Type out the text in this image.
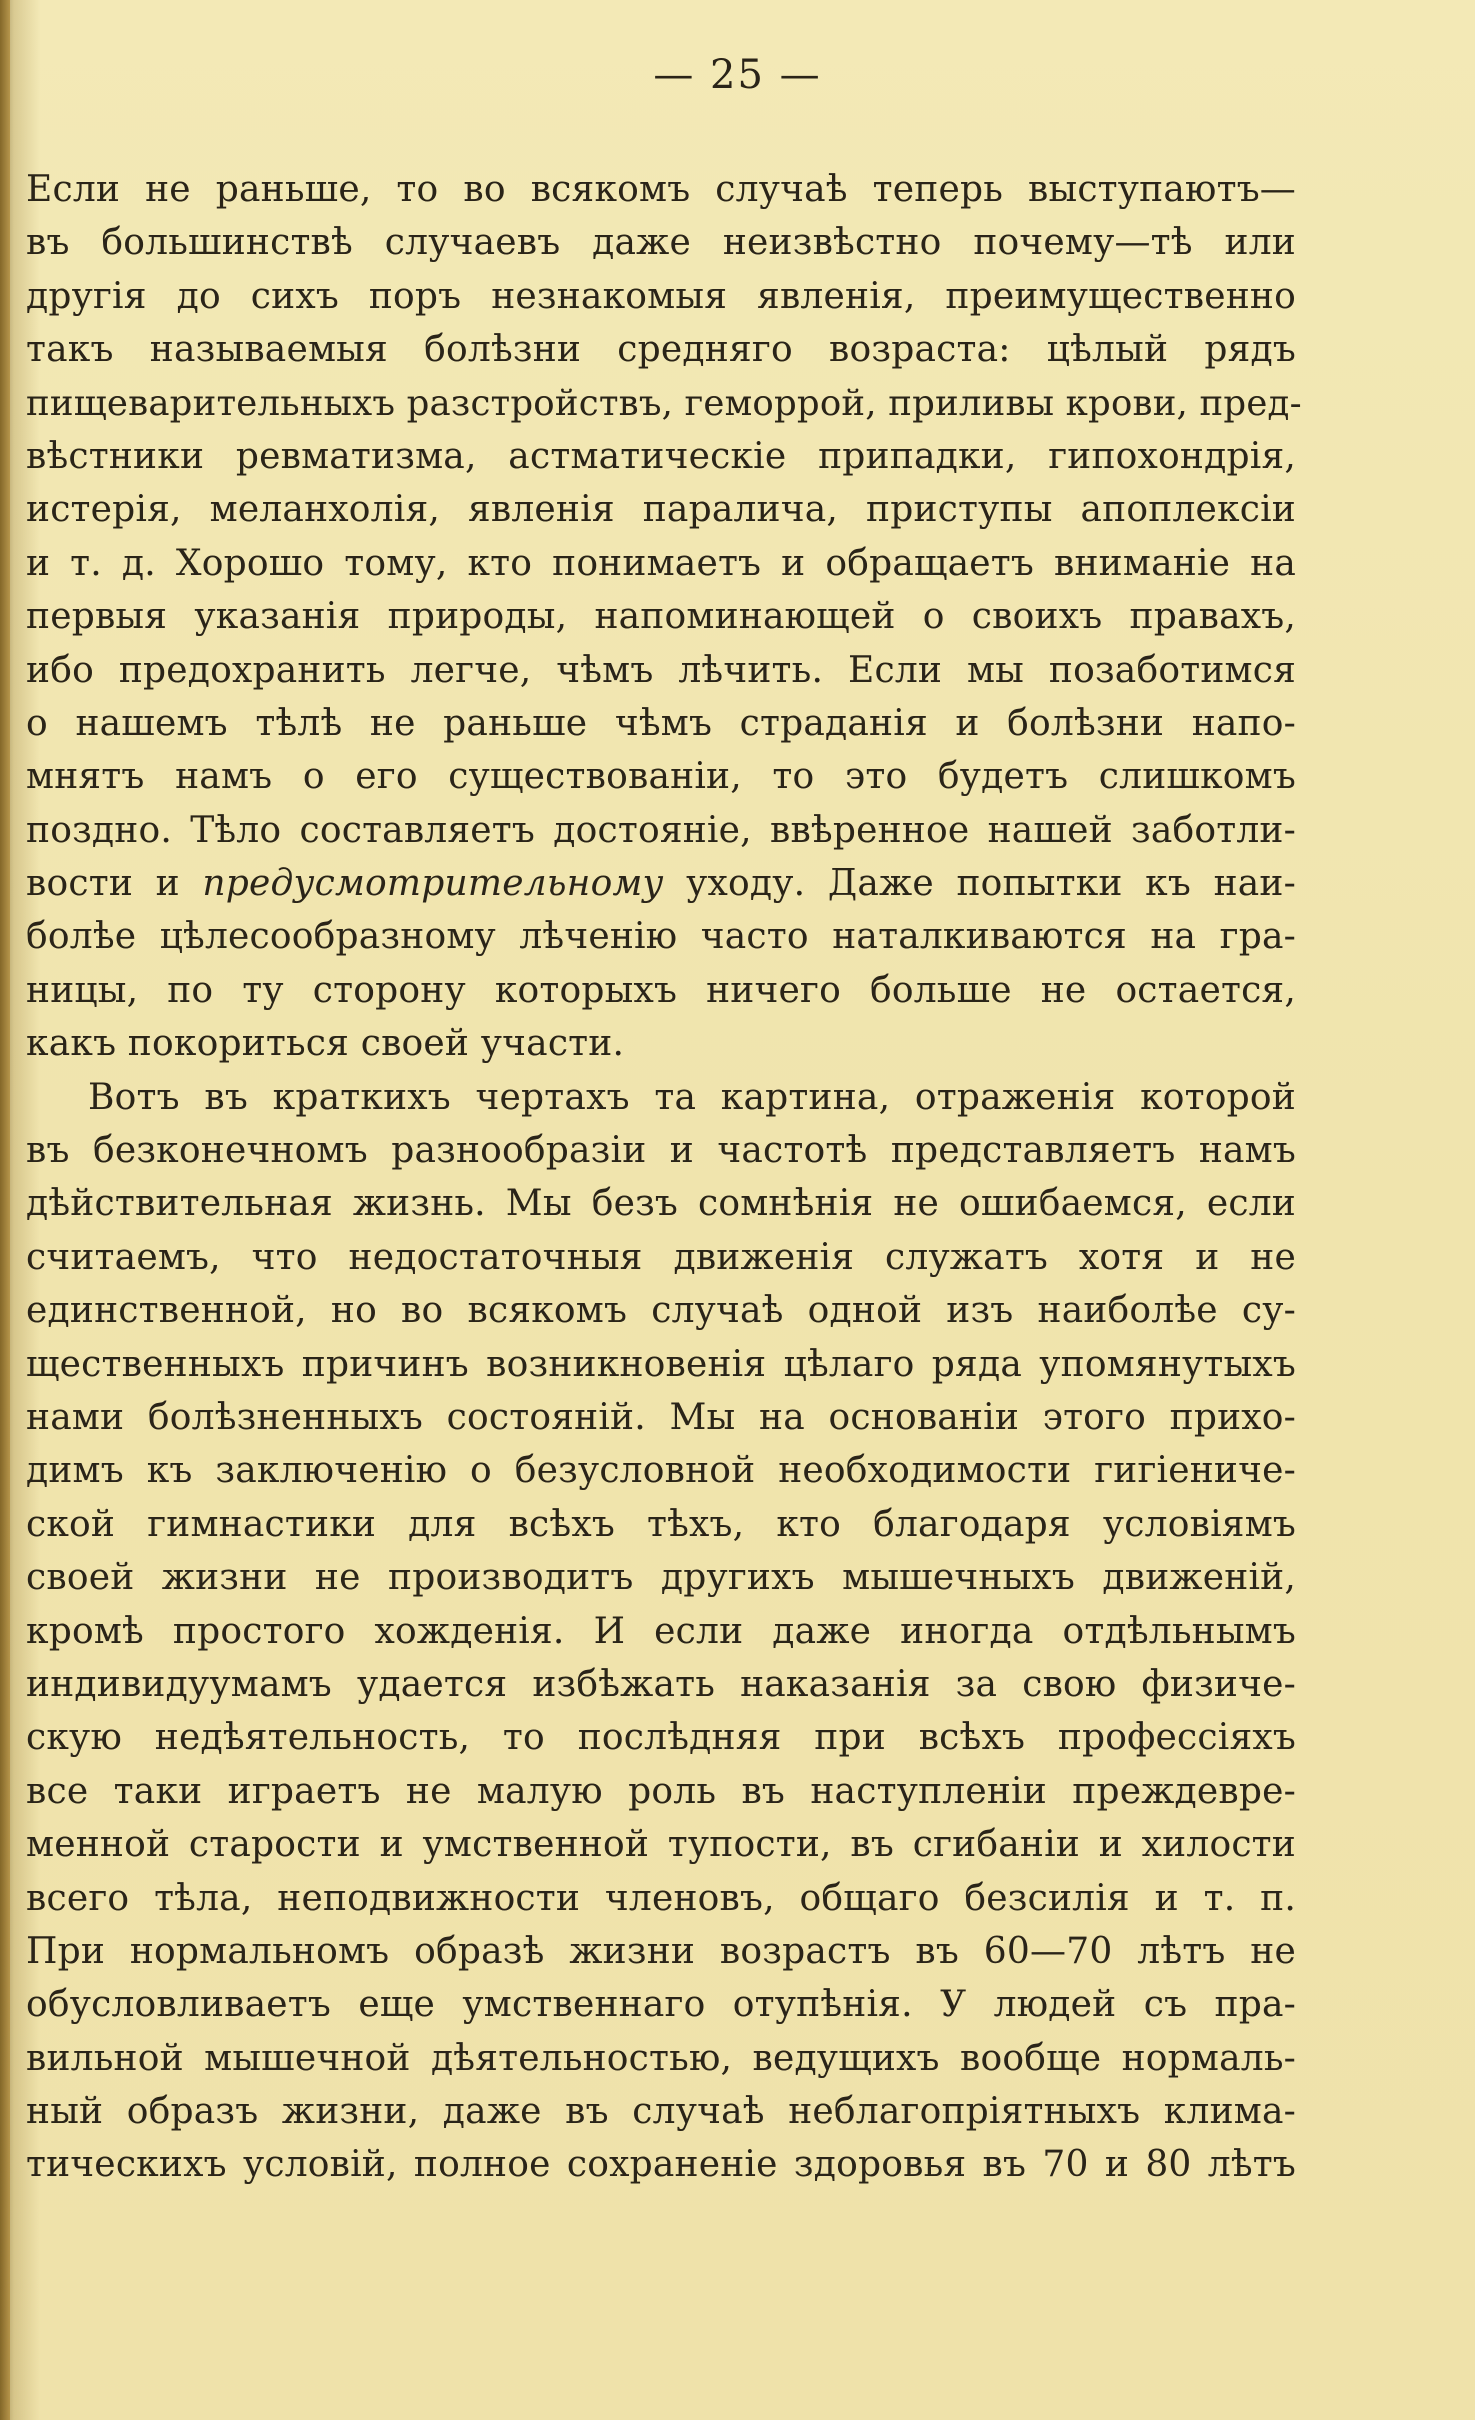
— 25 —
Если не раньше, то во всякомъ случаѣ теперь выступаютъ—
въ большинствѣ случаевъ даже неизвѣстно почему—тѣ или
другія до сихъ поръ незнакомыя явленія, преимущественно
такъ называемыя болѣзни средняго возраста: цѣлый рядъ
пищеварительныхъ разстройствъ, геморрой, приливы крови, пред-
вѣстники ревматизма, астматическіе припадки, гипохондрія,
истерія, меланхолія, явленія паралича, приступы апоплексіи
и т. д. Хорошо тому, кто понимаетъ и обращаетъ вниманіе на
первыя указанія природы, напоминающей о своихъ правахъ,
ибо предохранить легче, чѣмъ лѣчить. Если мы позаботимся
о нашемъ тѣлѣ не раньше чѣмъ страданія и болѣзни напо-
мнятъ намъ о его существованіи, то это будетъ слишкомъ
поздно. Тѣло составляетъ достояніе, ввѣренное нашей заботли-
вости и предусмотрительному уходу. Даже попытки къ наи-
болѣе цѣлесообразному лѣченію часто наталкиваются на гра-
ницы, по ту сторону которыхъ ничего больше не остается,
какъ покориться своей участи.
Вотъ въ краткихъ чертахъ та картина, отраженія которой
въ безконечномъ разнообразіи и частотѣ представляетъ намъ
дѣйствительная жизнь. Мы безъ сомнѣнія не ошибаемся, если
считаемъ, что недостаточныя движенія служатъ хотя и не
единственной, но во всякомъ случаѣ одной изъ наиболѣе су-
щественныхъ причинъ возникновенія цѣлаго ряда упомянутыхъ
нами болѣзненныхъ состояній. Мы на основаніи этого прихо-
димъ къ заключенію о безусловной необходимости гигіениче-
ской гимнастики для всѣхъ тѣхъ, кто благодаря условіямъ
своей жизни не производитъ другихъ мышечныхъ движеній,
кромѣ простого хожденія. И если даже иногда отдѣльнымъ
индивидуумамъ удается избѣжать наказанія за свою физиче-
скую недѣятельность, то послѣдняя при всѣхъ профессіяхъ
все таки играетъ не малую роль въ наступленіи преждевре-
менной старости и умственной тупости, въ сгибаніи и хилости
всего тѣла, неподвижности членовъ, общаго безсилія и т. п.
При нормальномъ образѣ жизни возрастъ въ 60—70 лѣтъ не
обусловливаетъ еще умственнаго отупѣнія. У людей съ пра-
вильной мышечной дѣятельностью, ведущихъ вообще нормаль-
ный образъ жизни, даже въ случаѣ неблагопріятныхъ клима-
тическихъ условій, полное сохраненіе здоровья въ 70 и 80 лѣтъ
